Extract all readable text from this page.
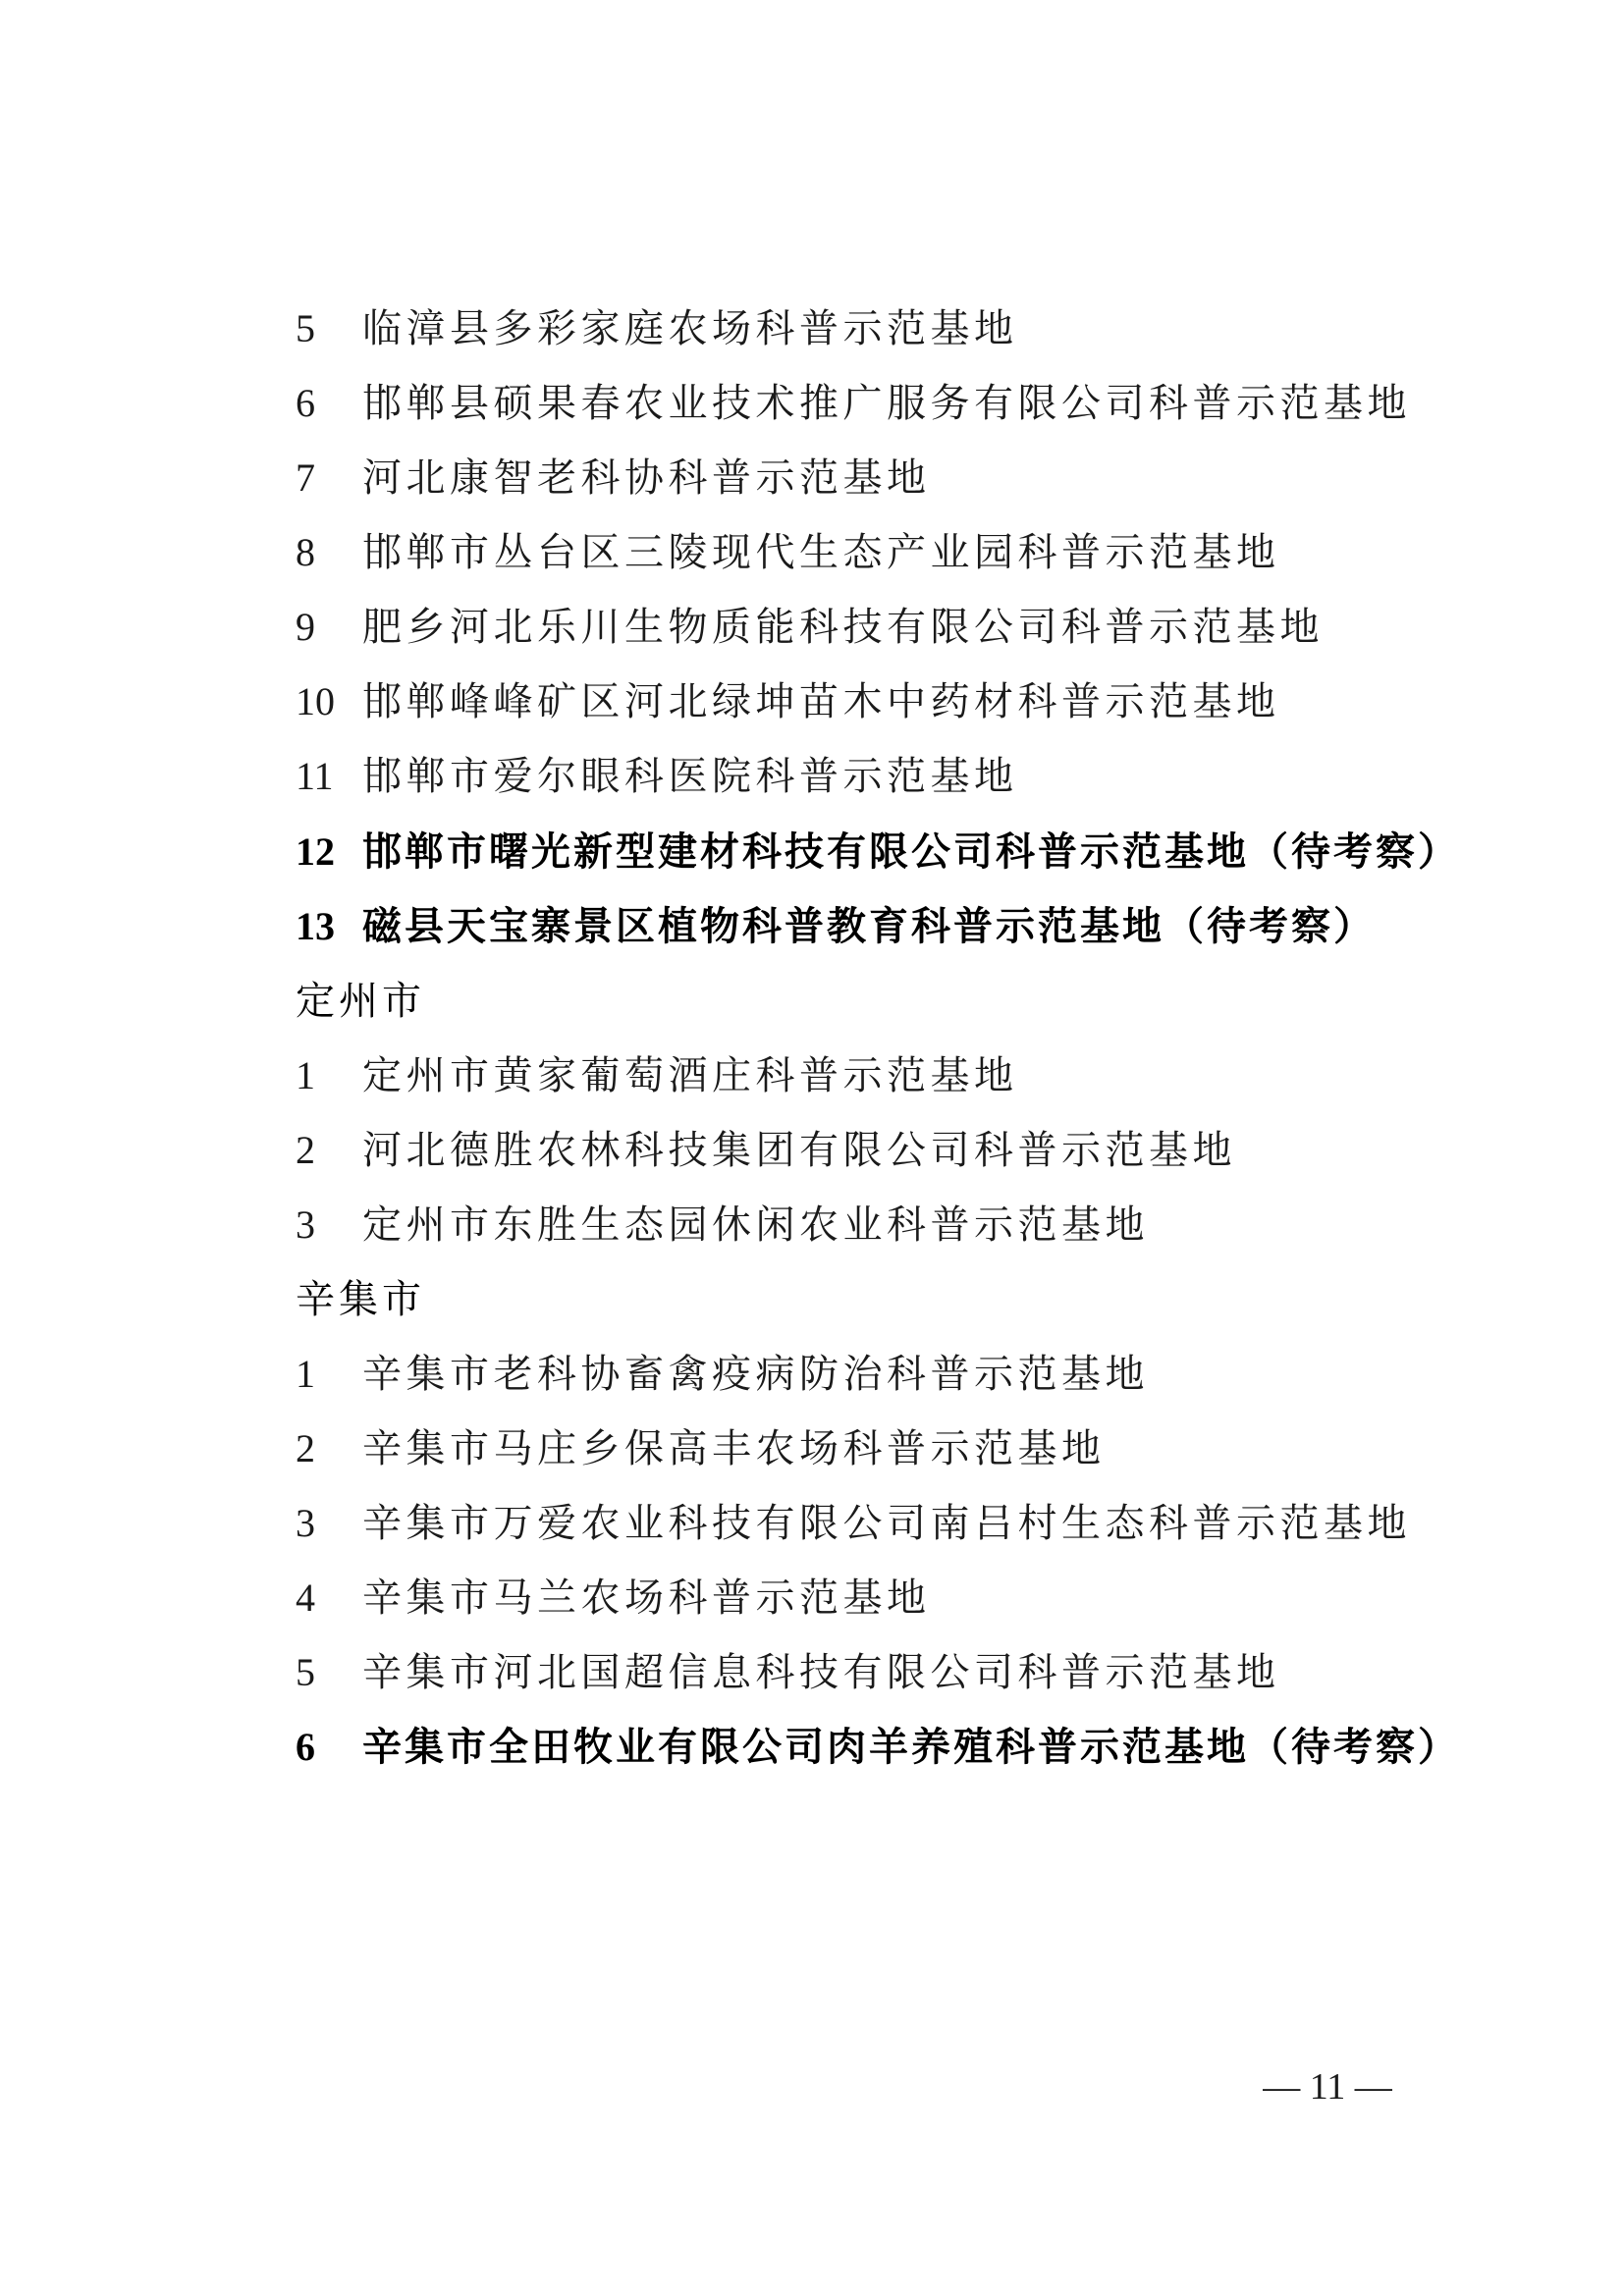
5 临漳县多彩家庭农场科普示范基地
6 邯郸县硕果春农业技术推广服务有限公司科普示范基地
7 河北康智老科协科普示范基地
8 邯郸市丛台区三陵现代生态产业园科普示范基地
9 肥乡河北乐川生物质能科技有限公司科普示范基地
10 邯郸峰峰矿区河北绿坤苗木中药材科普示范基地
11 邯郸市爱尔眼科医院科普示范基地
12 邯郸市曙光新型建材科技有限公司科普示范基地（待考察）
13 磁县天宝寨景区植物科普教育科普示范基地（待考察）
定州市
1 定州市黄家葡萄酒庄科普示范基地
2 河北德胜农林科技集团有限公司科普示范基地
3 定州市东胜生态园休闲农业科普示范基地
辛集市
1 辛集市老科协畜禽疫病防治科普示范基地
2 辛集市马庄乡保高丰农场科普示范基地
3 辛集市万爱农业科技有限公司南吕村生态科普示范基地
4 辛集市马兰农场科普示范基地
5 辛集市河北国超信息科技有限公司科普示范基地
6 辛集市全田牧业有限公司肉羊养殖科普示范基地（待考察）
— 11 —
